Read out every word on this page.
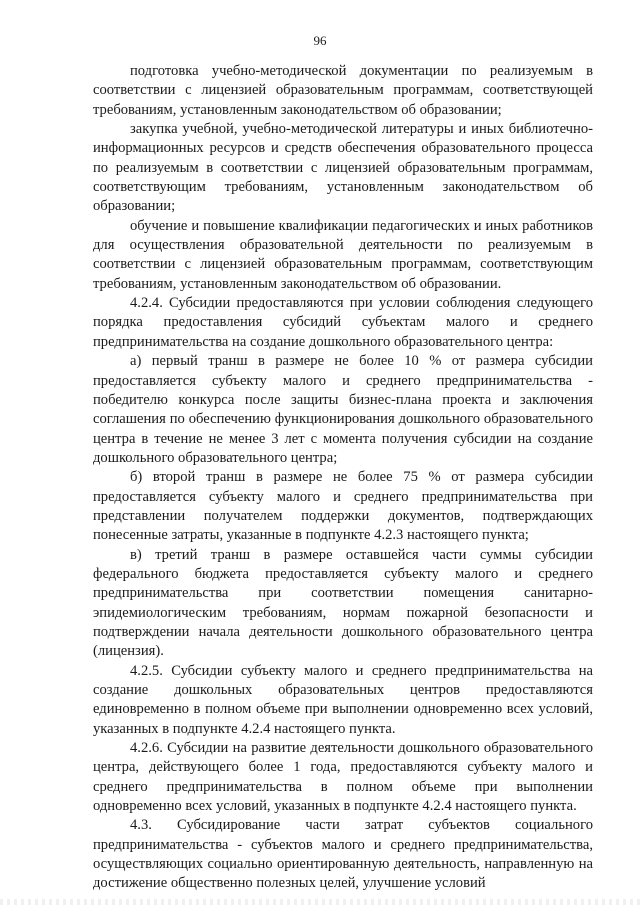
96

подготовка учебно-методической документации по реализуемым в соответствии с лицензией образовательным программам, соответствующей требованиям, установленным законодательством об образовании;

закупка учебной, учебно-методической литературы и иных библиотечно-информационных ресурсов и средств обеспечения образовательного процесса по реализуемым в соответствии с лицензией образовательным программам, соответствующим требованиям, установленным законодательством об образовании;

обучение и повышение квалификации педагогических и иных работников для осуществления образовательной деятельности по реализуемым в соответствии с лицензией образовательным программам, соответствующим требованиям, установленным законодательством об образовании.

4.2.4. Субсидии предоставляются при условии соблюдения следующего порядка предоставления субсидий субъектам малого и среднего предпринимательства на создание дошкольного образовательного центра:

а) первый транш в размере не более 10 % от размера субсидии предоставляется субъекту малого и среднего предпринимательства - победителю конкурса после защиты бизнес-плана проекта и заключения соглашения по обеспечению функционирования дошкольного образовательного центра в течение не менее 3 лет с момента получения субсидии на создание дошкольного образовательного центра;

б) второй транш в размере не более 75 % от размера субсидии предоставляется субъекту малого и среднего предпринимательства при представлении получателем поддержки документов, подтверждающих понесенные затраты, указанные в подпункте 4.2.3 настоящего пункта;

в) третий транш в размере оставшейся части суммы субсидии федерального бюджета предоставляется субъекту малого и среднего предпринимательства при соответствии помещения санитарно-эпидемиологическим требованиям, нормам пожарной безопасности и подтверждении начала деятельности дошкольного образовательного центра (лицензия).

4.2.5. Субсидии субъекту малого и среднего предпринимательства на создание дошкольных образовательных центров предоставляются единовременно в полном объеме при выполнении одновременно всех условий, указанных в подпункте 4.2.4 настоящего пункта.

4.2.6. Субсидии на развитие деятельности дошкольного образовательного центра, действующего более 1 года, предоставляются субъекту малого и среднего предпринимательства в полном объеме при выполнении одновременно всех условий, указанных в подпункте 4.2.4 настоящего пункта.

4.3. Субсидирование части затрат субъектов социального предпринимательства - субъектов малого и среднего предпринимательства, осуществляющих социально ориентированную деятельность, направленную на достижение общественно полезных целей, улучшение условий
